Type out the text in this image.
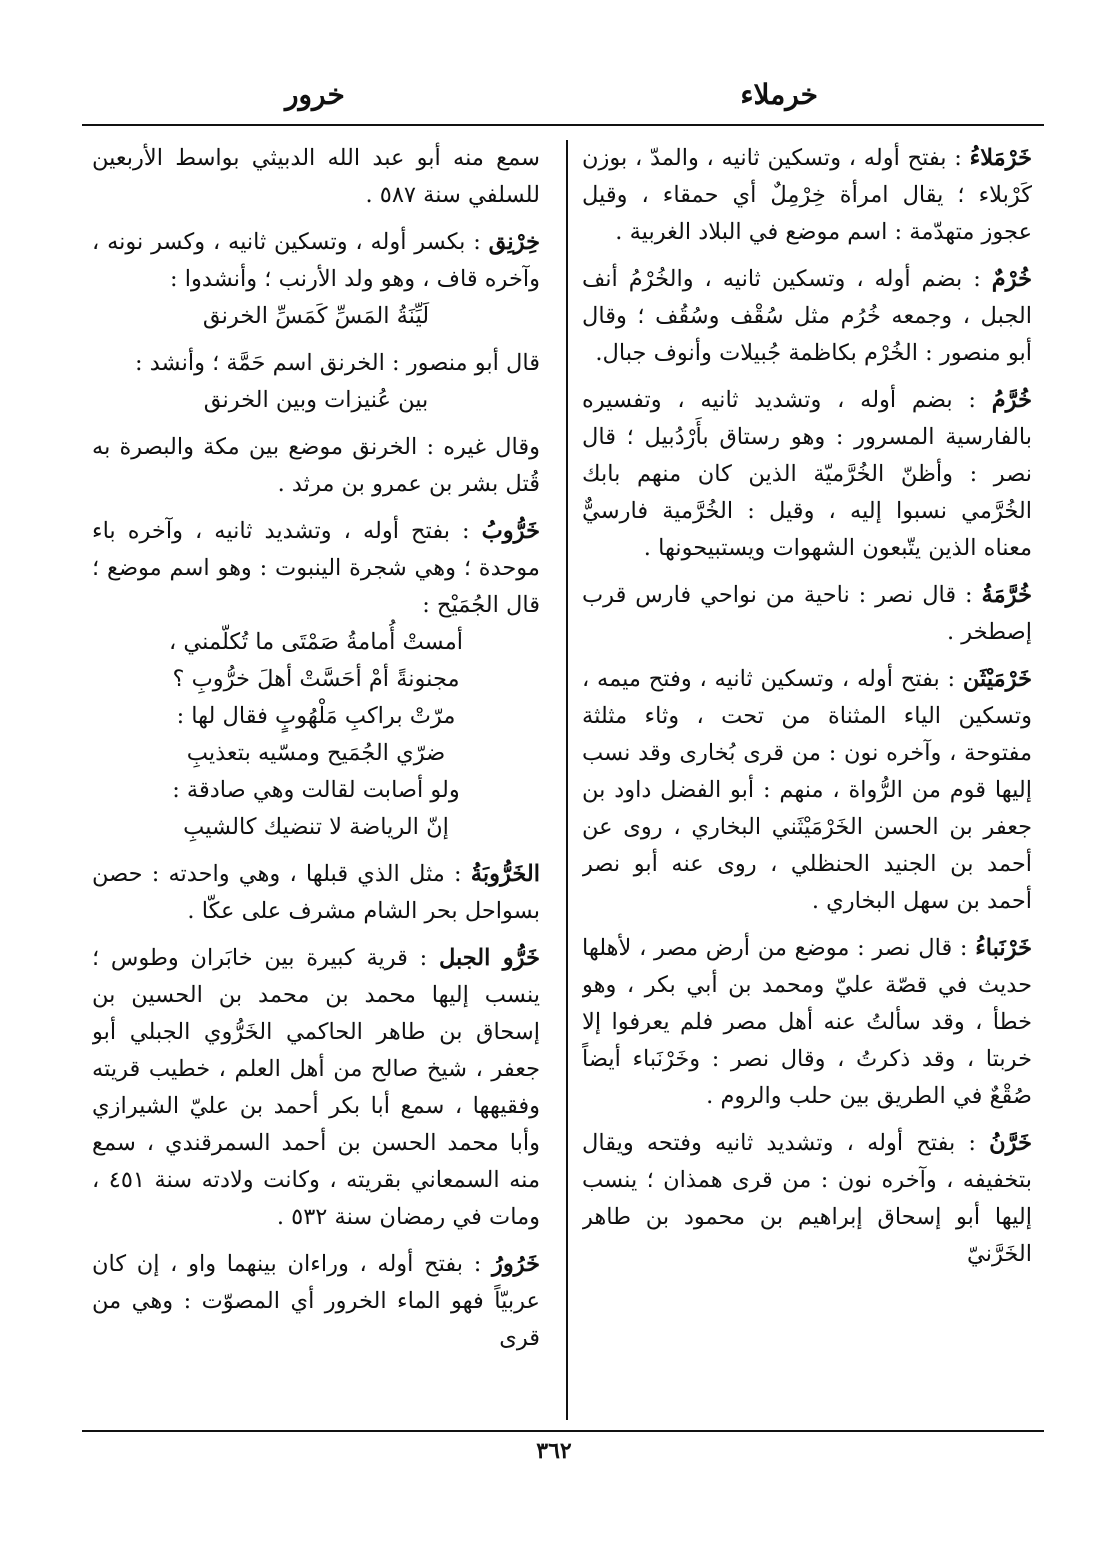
خرملاء
خرور

خَرْمَلاءُ : بفتح أوله ، وتسكين ثانيه ، والمدّ ، بوزن كَرْبلاء ؛ يقال امرأة خِرْمِلٌ أي حمقاء ، وقيل عجوز متهدّمة : اسم موضع في البلاد الغربية .

خُرْمٌ : بضم أوله ، وتسكين ثانيه ، والخُرْمُ أنف الجبل ، وجمعه خُرُم مثل سُقْف وسُقُف ؛ وقال أبو منصور : الخُرْم بكاظمة جُبيلات وأنوف جبال.

خُرَّمُ : بضم أوله ، وتشديد ثانيه ، وتفسيره بالفارسية المسرور : وهو رستاق بأَرْدُبيل ؛ قال نصر : وأظنّ الخُرَّميّة الذين كان منهم بابك الخُرَّمي نسبوا إليه ، وقيل : الخُرَّمية فارسيٌّ معناه الذين يتّبعون الشهوات ويستبيحونها .

خُرَّمَةُ : قال نصر : ناحية من نواحي فارس قرب إصطخر .

خَرْمَيْثَن : بفتح أوله ، وتسكين ثانيه ، وفتح ميمه ، وتسكين الياء المثناة من تحت ، وثاء مثلثة مفتوحة ، وآخره نون : من قرى بُخارى وقد نسب إليها قوم من الرُّواة ، منهم : أبو الفضل داود بن جعفر بن الحسن الخَرْمَيْثَني البخاري ، روى عن أحمد بن الجنيد الحنظلي ، روى عنه أبو نصر أحمد بن سهل البخاري .

خَرْنَباءُ : قال نصر : موضع من أرض مصر ، لأهلها حديث في قصّة عليّ ومحمد بن أبي بكر ، وهو خطأ ، وقد سألتُ عنه أهل مصر فلم يعرفوا إلا خربتا ، وقد ذكرتُ ، وقال نصر : وخَرْنَباء أيضاً صُقْعٌ في الطريق بين حلب والروم .

خَرَّنُ : بفتح أوله ، وتشديد ثانيه وفتحه ويقال بتخفيفه ، وآخره نون : من قرى همذان ؛ ينسب إليها أبو إسحاق إبراهيم بن محمود بن طاهر الخَرَّنيّ

سمع منه أبو عبد الله الدبيثي بواسط الأربعين للسلفي سنة ٥٨٧ .

خِرْنِق : بكسر أوله ، وتسكين ثانيه ، وكسر نونه ، وآخره قاف ، وهو ولد الأرنب ؛ وأنشدوا :

لَيِّنَةُ المَسِّ كَمَسِّ الخرنق

قال أبو منصور : الخرنق اسم حَمَّة ؛ وأنشد :

بين عُنيزات وبين الخرنق

وقال غيره : الخرنق موضع بين مكة والبصرة به قُتل بشر بن عمرو بن مرثد .

خَرُّوبُ : بفتح أوله ، وتشديد ثانيه ، وآخره باء موحدة ؛ وهي شجرة الينبوت : وهو اسم موضع ؛ قال الجُمَيْح :

أمستْ أُمامةُ صَمْتَى ما تُكلّمني ،

مجنونةً أمْ أحَسَّتْ أهلَ خرُّوبِ ؟

مرّتْ براكبِ مَلْهُوبٍ فقال لها :

ضرّي الجُمَيح ومسّيه بتعذيبِ

ولو أصابت لقالت وهي صادقة :

إنّ الرياضة لا تنضيك كالشيبِ

الخَرُّوبَةُ : مثل الذي قبلها ، وهي واحدته : حصن بسواحل بحر الشام مشرف على عكّا .

خَرُّو الجبل : قرية كبيرة بين خابَران وطوس ؛ ينسب إليها محمد بن محمد بن الحسين بن إسحاق بن طاهر الحاكمي الخَرُّوي الجبلي أبو جعفر ، شيخ صالح من أهل العلم ، خطيب قريته وفقيهها ، سمع أبا بكر أحمد بن عليّ الشيرازي وأبا محمد الحسن بن أحمد السمرقندي ، سمع منه السمعاني بقريته ، وكانت ولادته سنة ٤٥١ ، ومات في رمضان سنة ٥٣٢ .

خَرُورُ : بفتح أوله ، وراءان بينهما واو ، إن كان عربيّاً فهو الماء الخرور أي المصوّت : وهي من قرى

٣٦٢
